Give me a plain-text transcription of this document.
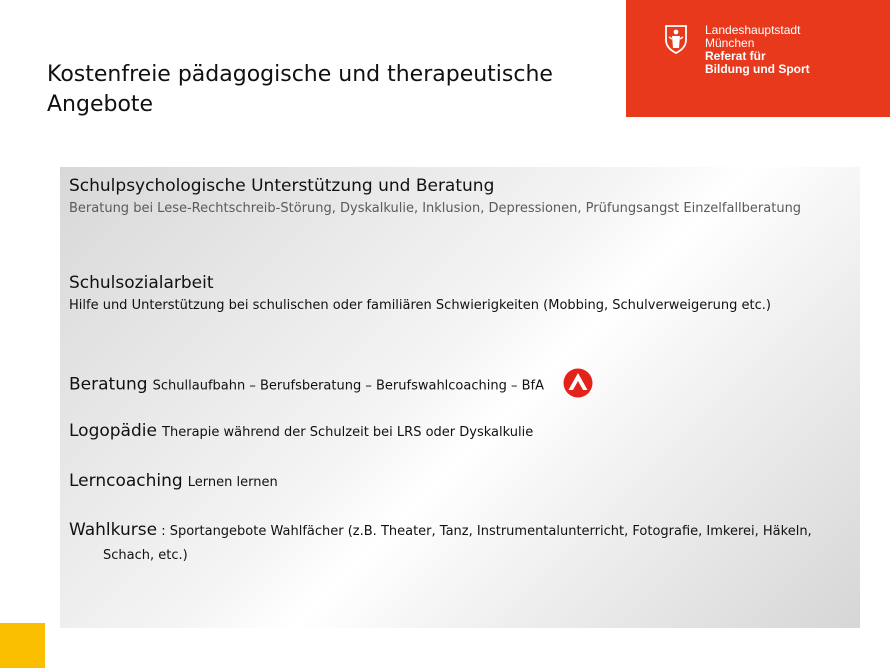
Kostenfreie pädagogische und therapeutische Angebote
Landeshauptstadt
München
Referat für
Bildung und Sport
Schulpsychologische Unterstützung und Beratung
Beratung bei Lese-Rechtschreib-Störung, Dyskalkulie, Inklusion, Depressionen, Prüfungsangst Einzelfallberatung
Schulsozialarbeit
Hilfe und Unterstützung bei schulischen oder familiären Schwierigkeiten (Mobbing, Schulverweigerung etc.)
Beratung Schullaufbahn – Berufsberatung – Berufswahlcoaching – BfA
Logopädie Therapie während der Schulzeit bei LRS oder Dyskalkulie
Lerncoaching Lernen lernen
Wahlkurse : Sportangebote Wahlfächer (z.B. Theater, Tanz, Instrumentalunterricht, Fotografie, Imkerei, Häkeln, Schach, etc.)
